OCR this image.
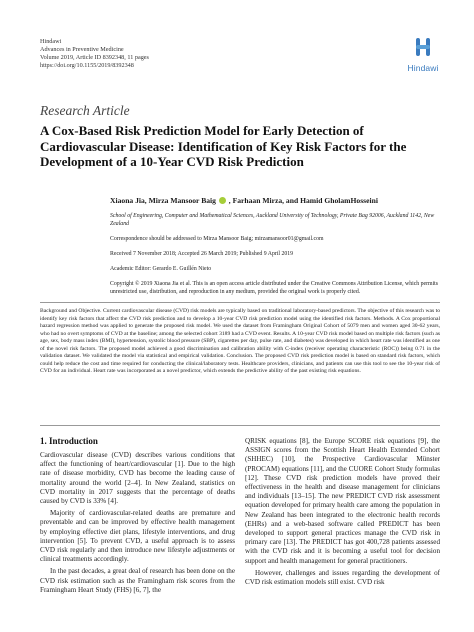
Hindawi
Advances in Preventive Medicine
Volume 2019, Article ID 8392348, 11 pages
https://doi.org/10.1155/2019/8392348	Hindawi
Research Article
A Cox-Based Risk Prediction Model for Early Detection of Cardiovascular Disease: Identification of Key Risk Factors for the Development of a 10-Year CVD Risk Prediction
Xiaona Jia, Mirza Mansoor Baig , Farhaan Mirza, and Hamid GholamHosseini
School of Engineering, Computer and Mathematical Sciences, Auckland University of Technology, Private Bag 92006, Auckland 1142, New Zealand
Correspondence should be addressed to Mirza Mansoor Baig; mirzamansoor01@gmail.com
Received 7 November 2018; Accepted 26 March 2019; Published 9 April 2019
Academic Editor: Gerardo E. Guillén Nieto
Copyright © 2019 Xiaona Jia et al. This is an open access article distributed under the Creative Commons Attribution License, which permits unrestricted use, distribution, and reproduction in any medium, provided the original work is properly cited.
Background and Objective. Current cardiovascular disease (CVD) risk models are typically based on traditional laboratory-based predictors. The objective of this research was to identify key risk factors that affect the CVD risk prediction and to develop a 10-year CVD risk prediction model using the identified risk factors. Methods. A Cox proportional hazard regression method was applied to generate the proposed risk model. We used the dataset from Framingham Original Cohort of 5079 men and women aged 30-62 years, who had no overt symptoms of CVD at the baseline; among the selected cohort 3189 had a CVD event. Results. A 10-year CVD risk model based on multiple risk factors (such as age, sex, body mass index (BMI), hypertension, systolic blood pressure (SBP), cigarettes per day, pulse rate, and diabetes) was developed in which heart rate was identified as one of the novel risk factors. The proposed model achieved a good discrimination and calibration ability with C-index (receiver operating characteristic (ROC)) being 0.71 in the validation dataset. We validated the model via statistical and empirical validation. Conclusion. The proposed CVD risk prediction model is based on standard risk factors, which could help reduce the cost and time required for conducting the clinical/laboratory tests. Healthcare providers, clinicians, and patients can use this tool to see the 10-year risk of CVD for an individual. Heart rate was incorporated as a novel predictor, which extends the predictive ability of the past existing risk equations.
1. Introduction

Cardiovascular disease (CVD) describes various conditions that affect the functioning of heart/cardiovascular [1]. Due to the high rate of disease morbidity, CVD has become the leading cause of mortality around the world [2–4]. In New Zealand, statistics on CVD mortality in 2017 suggests that the percentage of deaths caused by CVD is 33% [4].

Majority of cardiovascular-related deaths are premature and preventable and can be improved by effective health management by employing effective diet plans, lifestyle interventions, and drug intervention [5]. To prevent CVD, a useful approach is to assess CVD risk regularly and then introduce new lifestyle adjustments or clinical treatments accordingly.

In the past decades, a great deal of research has been done on the CVD risk estimation such as the Framingham risk scores from the Framingham Heart Study (FHS) [6, 7], the

QRISK equations [8], the Europe SCORE risk equations [9], the ASSIGN scores from the Scottish Heart Health Extended Cohort (SHHEC) [10], the Prospective Cardiovascular Münster (PROCAM) equations [11], and the CUORE Cohort Study formulas [12]. These CVD risk prediction models have proved their effectiveness in the health and disease management for clinicians and individuals [13–15]. The new PREDICT CVD risk assessment equation developed for primary health care among the population in New Zealand has been integrated to the electronic health records (EHRs) and a web-based software called PREDICT has been developed to support general practices manage the CVD risk in primary care [13]. The PREDICT has got 400,728 patients assessed with the CVD risk and it is becoming a useful tool for decision support and health management for general practitioners.

However, challenges and issues regarding the development of CVD risk estimation models still exist. CVD risk
